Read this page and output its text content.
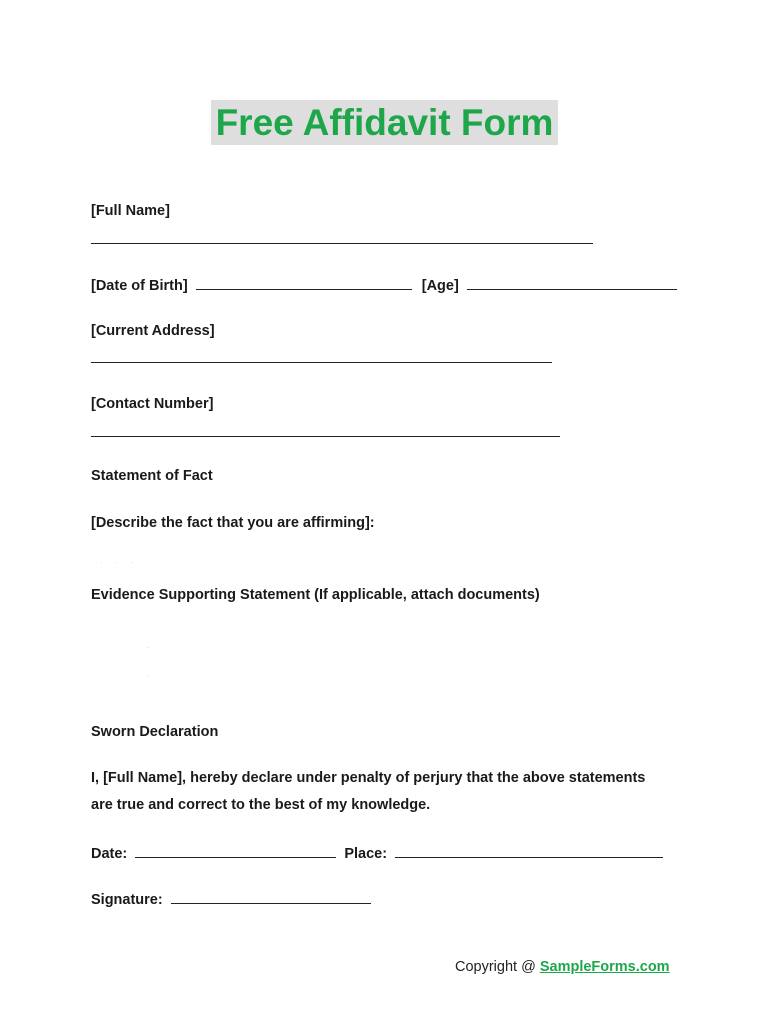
Free Affidavit Form
[Full Name]
[Date of Birth]	[Age]
[Current Address]
[Contact Number]
Statement of Fact
[Describe the fact that you are affirming]:
·     ·     ·
Evidence Supporting Statement (If applicable, attach documents)
·
·
Sworn Declaration
I, [Full Name], hereby declare under penalty of perjury that the above statements
are true and correct to the best of my knowledge.
Date:	Place:
Signature:
Copyright @ SampleForms.com
